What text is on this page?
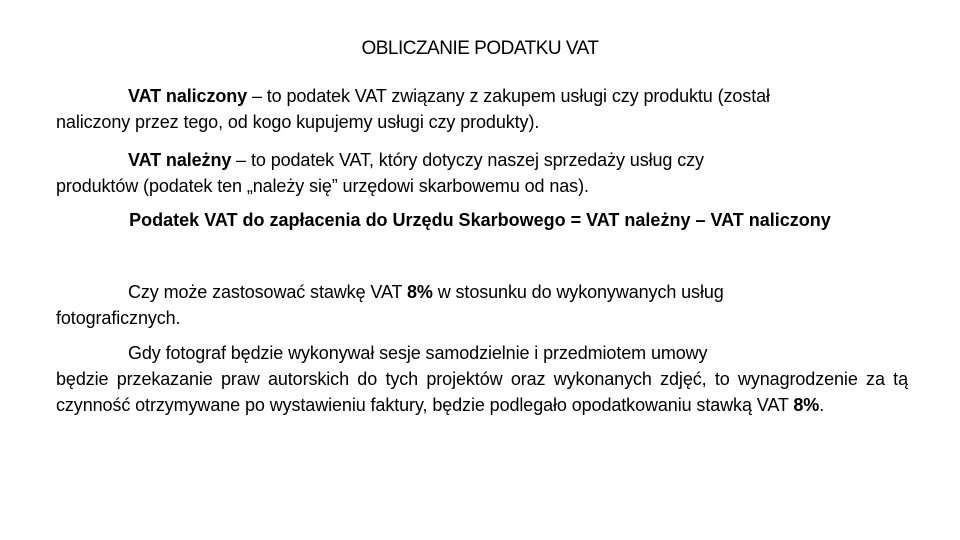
OBLICZANIE PODATKU VAT
VAT naliczony – to podatek VAT związany z zakupem usługi czy produktu (został
naliczony przez tego, od kogo kupujemy usługi czy produkty).
VAT należny – to podatek VAT, który dotyczy naszej sprzedaży usług czy
produktów (podatek ten „należy się” urzędowi skarbowemu od nas).
Podatek VAT do zapłacenia do Urzędu Skarbowego = VAT należny – VAT naliczony
Czy może zastosować stawkę VAT 8% w stosunku do wykonywanych usług
fotograficznych.
Gdy fotograf będzie wykonywał sesje samodzielnie i przedmiotem umowy
będzie przekazanie praw autorskich do tych projektów oraz wykonanych zdjęć, to wynagrodzenie za tą czynność otrzymywane po wystawieniu faktury, będzie podlegało opodatkowaniu stawką VAT 8%.
